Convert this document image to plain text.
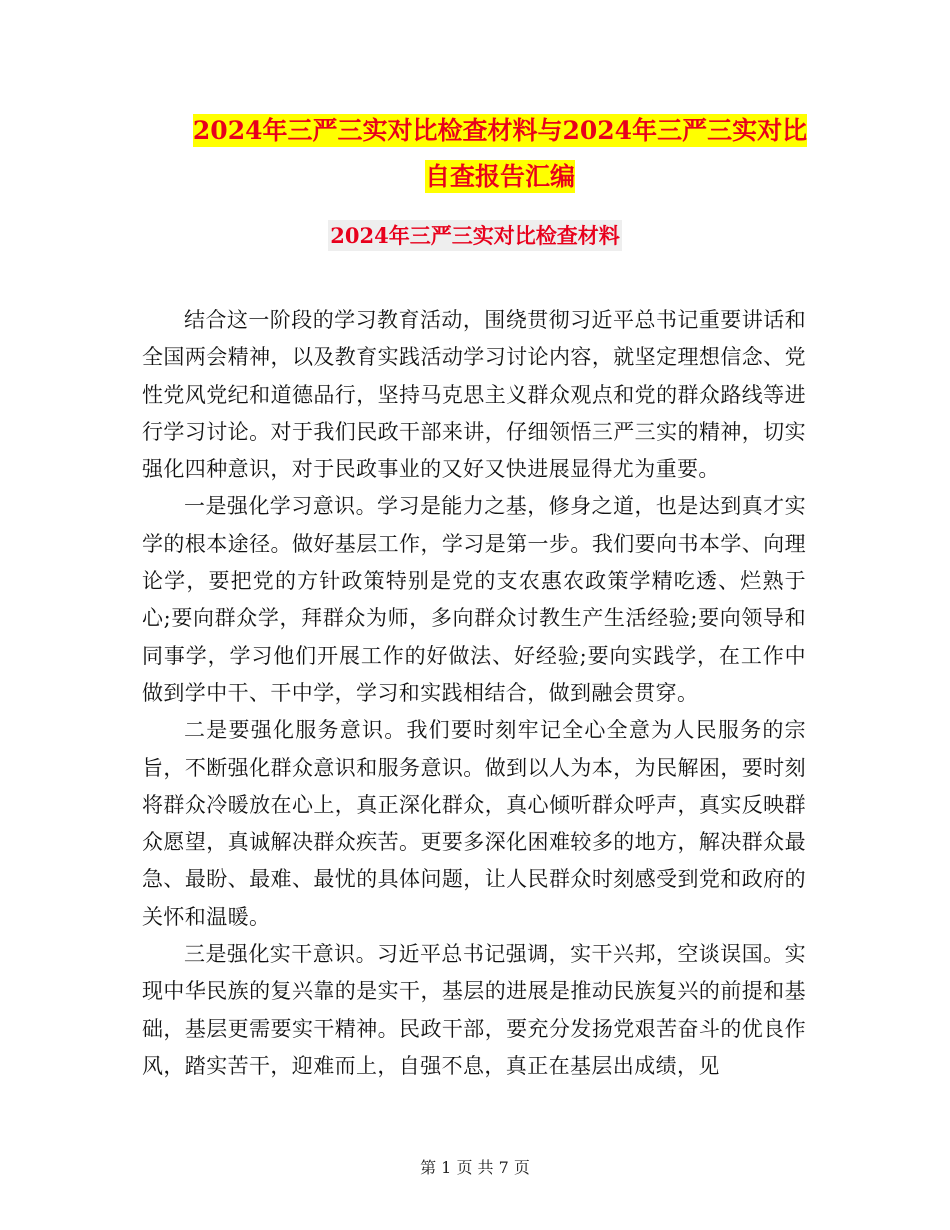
2024年三严三实对比检查材料与2024年三严三实对比
自查报告汇编
2024年三严三实对比检查材料

结合这一阶段的学习教育活动，围绕贯彻习近平总书记重要讲话和全国两会精神，以及教育实践活动学习讨论内容，就坚定理想信念、党性党风党纪和道德品行，坚持马克思主义群众观点和党的群众路线等进行学习讨论。对于我们民政干部来讲，仔细领悟三严三实的精神，切实强化四种意识，对于民政事业的又好又快进展显得尤为重要。

一是强化学习意识。学习是能力之基，修身之道，也是达到真才实学的根本途径。做好基层工作，学习是第一步。我们要向书本学、向理论学，要把党的方针政策特别是党的支农惠农政策学精吃透、烂熟于心;要向群众学，拜群众为师，多向群众讨教生产生活经验;要向领导和同事学，学习他们开展工作的好做法、好经验;要向实践学，在工作中做到学中干、干中学，学习和实践相结合，做到融会贯穿。

二是要强化服务意识。我们要时刻牢记全心全意为人民服务的宗旨，不断强化群众意识和服务意识。做到以人为本，为民解困，要时刻将群众冷暖放在心上，真正深化群众，真心倾听群众呼声，真实反映群众愿望，真诚解决群众疾苦。更要多深化困难较多的地方，解决群众最急、最盼、最难、最忧的具体问题，让人民群众时刻感受到党和政府的关怀和温暖。

三是强化实干意识。习近平总书记强调，实干兴邦，空谈误国。实现中华民族的复兴靠的是实干，基层的进展是推动民族复兴的前提和基础，基层更需要实干精神。民政干部，要充分发扬党艰苦奋斗的优良作风，踏实苦干，迎难而上，自强不息，真正在基层出成绩，见

第 1 页 共 7 页
